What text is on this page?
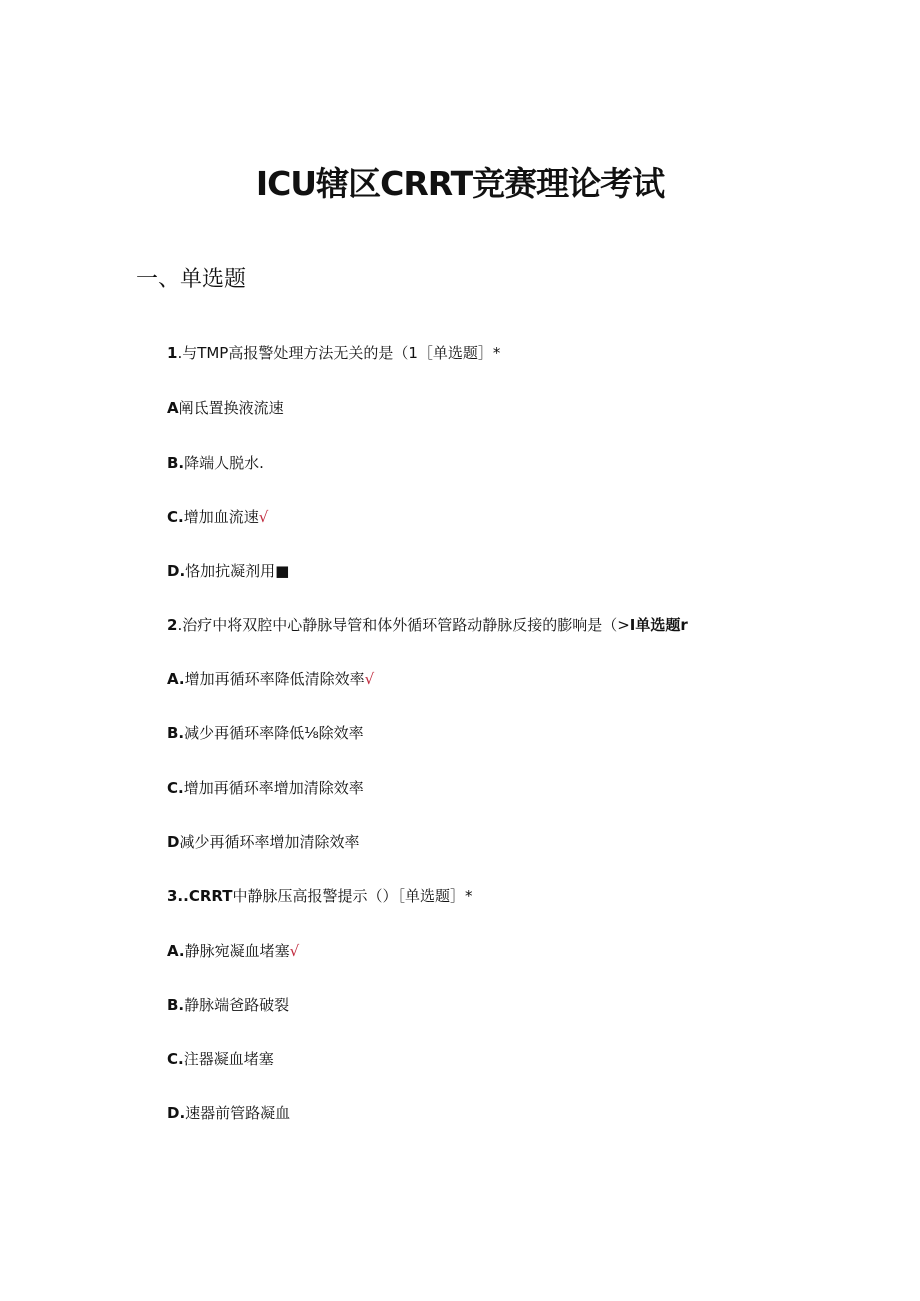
ICU辖区CRRT竞赛理论考试
一、单选题
1.与TMP高报警处理方法无关的是（1［单选题］*
A阐氐置换液流速
B.降端人脱水.
C.增加血流速√
D.恪加抗凝剂用■
2.治疗中将双腔中心静脉导管和体外循环管路动静脉反接的膨响是（>I单选题r
A.增加再循环率降低清除效率√
B.减少再循环率降低⅛除效率
C.增加再循环率增加清除效率
D减少再循环率增加清除效率
3..CRRT中静脉压高报警提示（）［单选题］*
A.静脉宛凝血堵塞√
B.静脉端爸路破裂
C.注器凝血堵塞
D.速器前管路凝血
